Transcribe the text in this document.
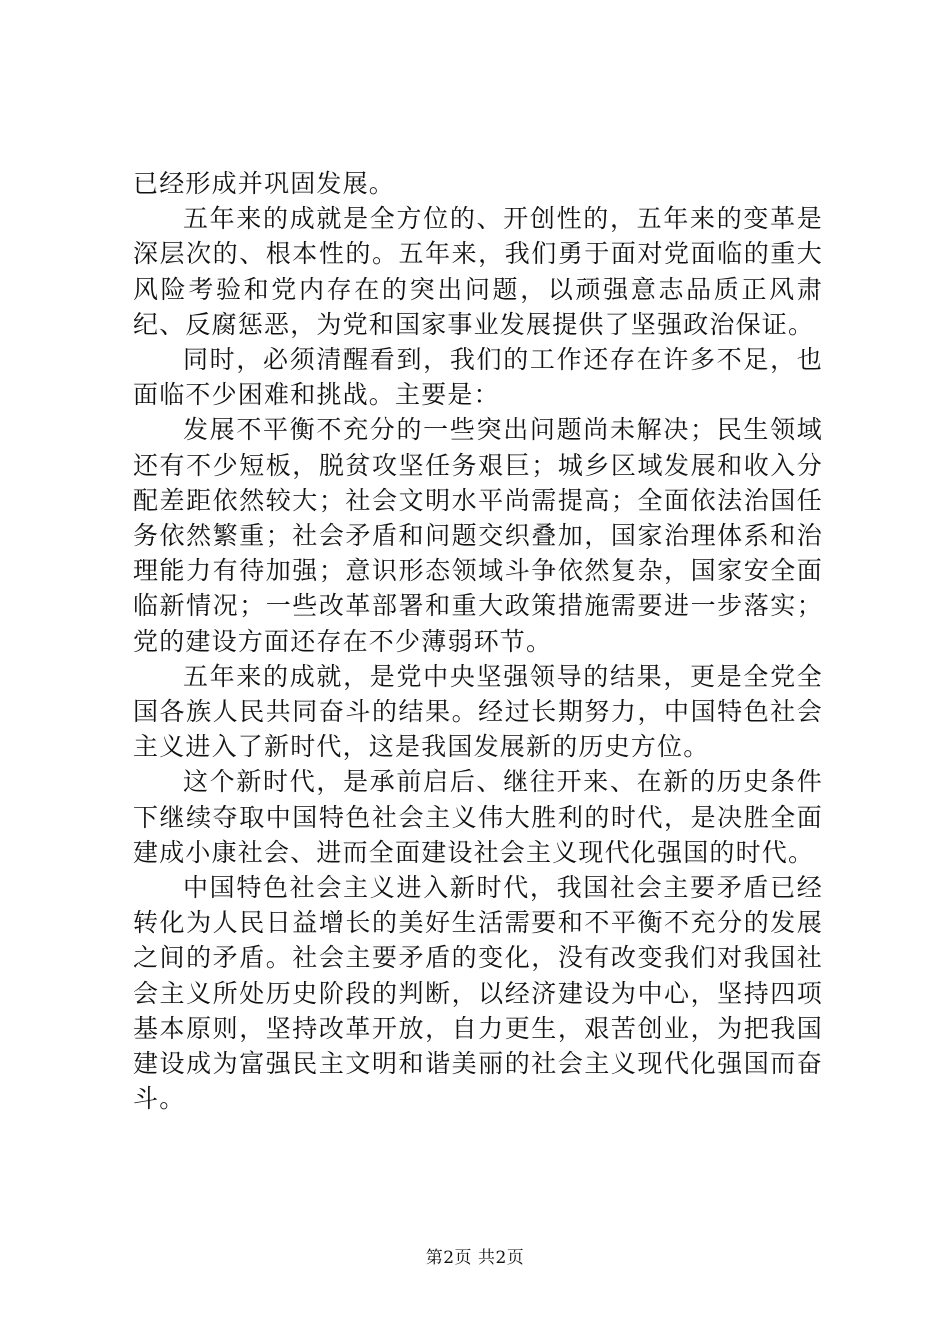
已经形成并巩固发展。

五年来的成就是全方位的、开创性的，五年来的变革是深层次的、根本性的。五年来，我们勇于面对党面临的重大风险考验和党内存在的突出问题，以顽强意志品质正风肃纪、反腐惩恶，为党和国家事业发展提供了坚强政治保证。

同时，必须清醒看到，我们的工作还存在许多不足，也面临不少困难和挑战。主要是：

发展不平衡不充分的一些突出问题尚未解决；民生领域还有不少短板，脱贫攻坚任务艰巨；城乡区域发展和收入分配差距依然较大；社会文明水平尚需提高；全面依法治国任务依然繁重；社会矛盾和问题交织叠加，国家治理体系和治理能力有待加强；意识形态领域斗争依然复杂，国家安全面临新情况；一些改革部署和重大政策措施需要进一步落实；党的建设方面还存在不少薄弱环节。

五年来的成就，是党中央坚强领导的结果，更是全党全国各族人民共同奋斗的结果。经过长期努力，中国特色社会主义进入了新时代，这是我国发展新的历史方位。

这个新时代，是承前启后、继往开来、在新的历史条件下继续夺取中国特色社会主义伟大胜利的时代，是决胜全面建成小康社会、进而全面建设社会主义现代化强国的时代。

中国特色社会主义进入新时代，我国社会主要矛盾已经转化为人民日益增长的美好生活需要和不平衡不充分的发展之间的矛盾。社会主要矛盾的变化，没有改变我们对我国社会主义所处历史阶段的判断，以经济建设为中心，坚持四项基本原则，坚持改革开放，自力更生，艰苦创业，为把我国建设成为富强民主文明和谐美丽的社会主义现代化强国而奋斗。

第2页 共2页
